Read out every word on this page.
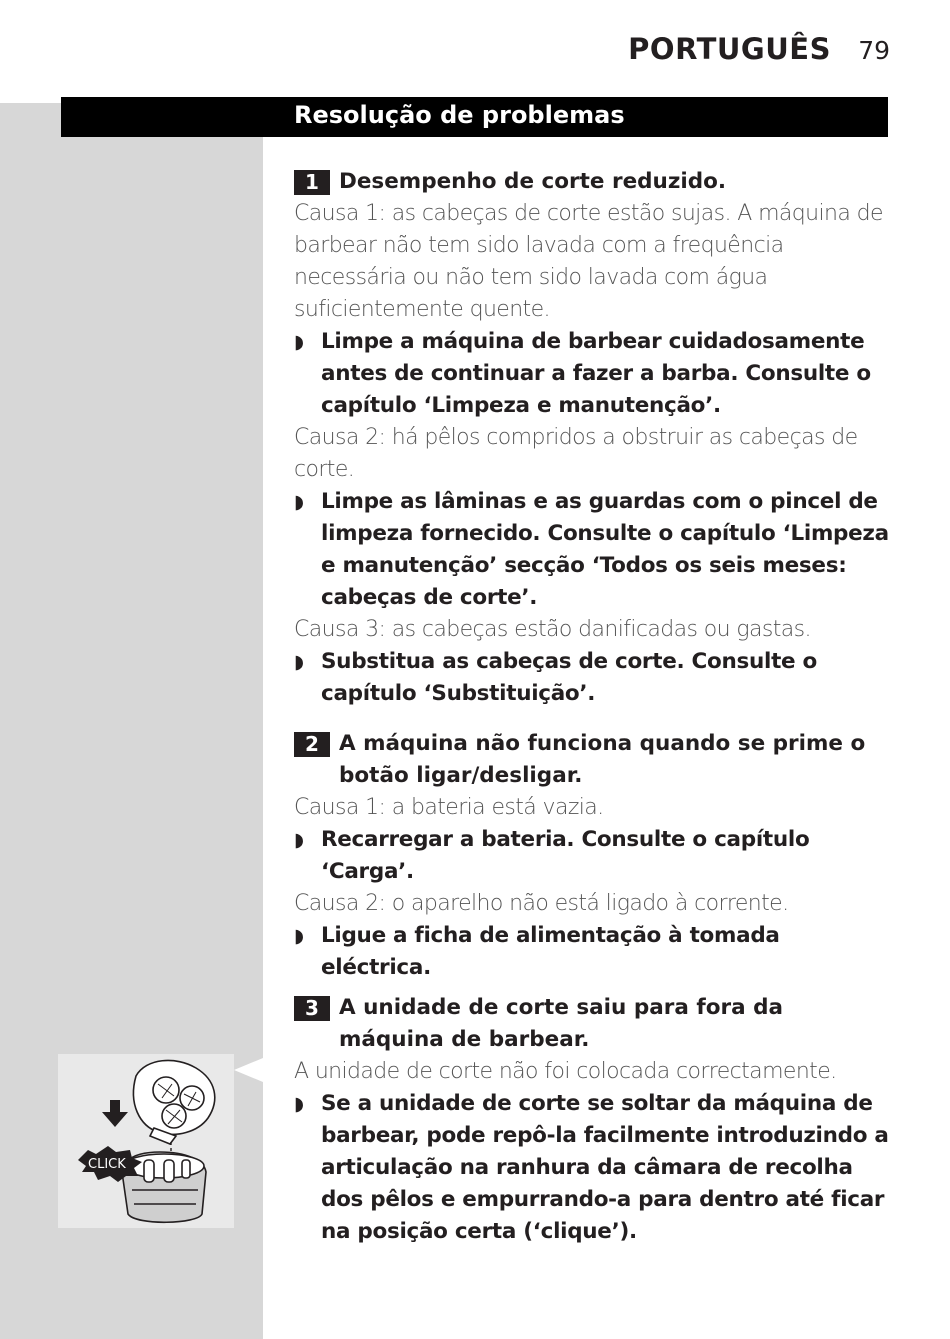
PORTUGUÊS 79
Resolução de problemas
1 Desempenho de corte reduzido.
Causa 1: as cabeças de corte estão sujas. A máquina de barbear não tem sido lavada com a frequência necessária ou não tem sido lavada com água suficientemente quente.
◗ Limpe a máquina de barbear cuidadosamente antes de continuar a fazer a barba. Consulte o capítulo ‘Limpeza e manutenção’.
Causa 2: há pêlos compridos a obstruir as cabeças de corte.
◗ Limpe as lâminas e as guardas com o pincel de limpeza fornecido. Consulte o capítulo ‘Limpeza e manutenção’ secção ‘Todos os seis meses: cabeças de corte’.
Causa 3: as cabeças estão danificadas ou gastas.
◗ Substitua as cabeças de corte. Consulte o capítulo ‘Substituição’.
2 A máquina não funciona quando se prime o botão ligar/desligar.
Causa 1: a bateria está vazia.
◗ Recarregar a bateria. Consulte o capítulo ‘Carga’.
Causa 2: o aparelho não está ligado à corrente.
◗ Ligue a ficha de alimentação à tomada eléctrica.
3 A unidade de corte saiu para fora da máquina de barbear.
A unidade de corte não foi colocada correctamente.
◗ Se a unidade de corte se soltar da máquina de barbear, pode repô-la facilmente introduzindo a articulação na ranhura da câmara de recolha dos pêlos e empurrando-a para dentro até ficar na posição certa (‘clique’).
CLICK
